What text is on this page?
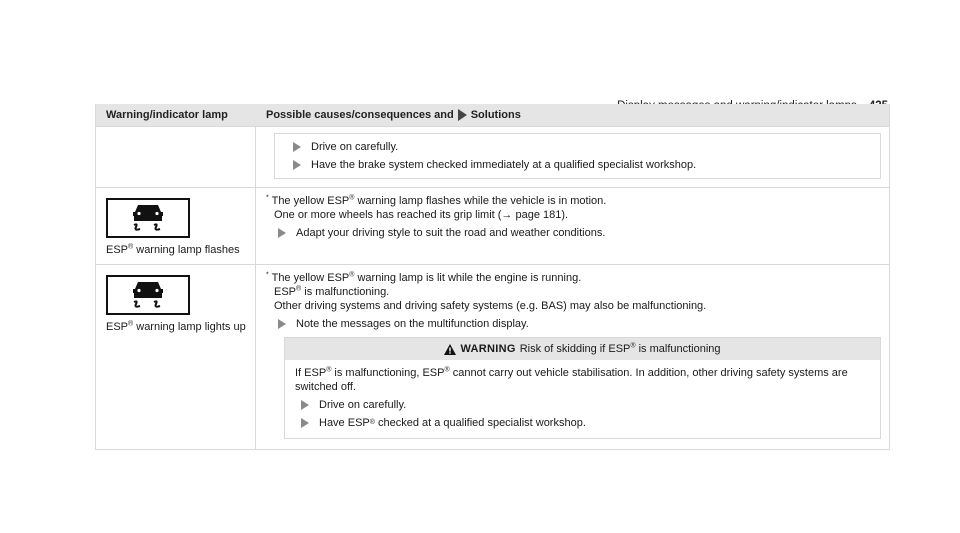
Warning/indicator lamp	Possible causes/consequences and Solutions
Drive on carefully.
Have the brake system checked immediately at a qualified specialist workshop.
ESP® warning lamp flashes
* The yellow ESP® warning lamp flashes while the vehicle is in motion.
One or more wheels has reached its grip limit (→ page 181).
Adapt your driving style to suit the road and weather conditions.
ESP® warning lamp lights up
* The yellow ESP® warning lamp is lit while the engine is running.
ESP® is malfunctioning.
Other driving systems and driving safety systems (e.g. BAS) may also be malfunctioning.
Note the messages on the multifunction display.
WARNING Risk of skidding if ESP® is malfunctioning
If ESP® is malfunctioning, ESP® cannot carry out vehicle stabilisation. In addition, other driving safety systems are switched off.
Drive on carefully.
Have ESP ®
checked at a qualified specialist workshop.
